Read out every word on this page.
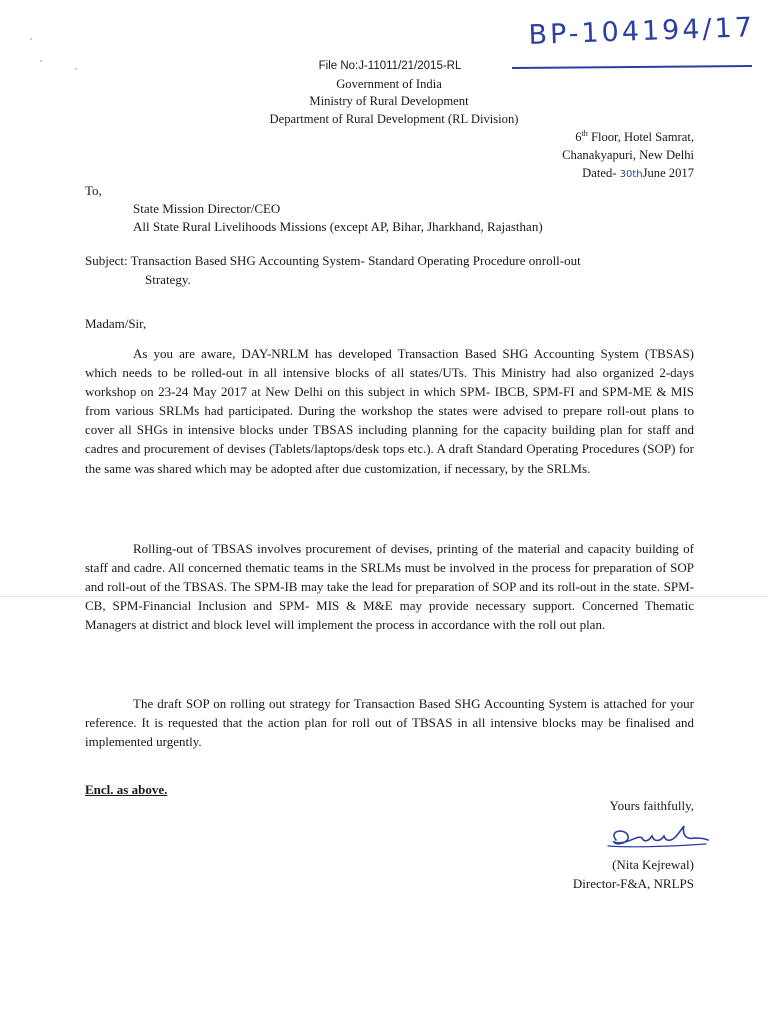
BP-104194/17
File No:J-11011/21/2015-RL
Government of India
Ministry of Rural Development
Department of Rural Development (RL Division)
6th Floor, Hotel Samrat,
Chanakyapuri, New Delhi
Dated- 30thJune 2017
To,
State Mission Director/CEO
All State Rural Livelihoods Missions (except AP, Bihar, Jharkhand, Rajasthan)
Subject: Transaction Based SHG Accounting System- Standard Operating Procedure onroll-out
Strategy.
Madam/Sir,

As you are aware, DAY-NRLM has developed Transaction Based SHG Accounting System (TBSAS) which needs to be rolled-out in all intensive blocks of all states/UTs. This Ministry had also organized 2-days workshop on 23-24 May 2017 at New Delhi on this subject in which SPM- IBCB, SPM-FI and SPM-ME & MIS from various SRLMs had participated. During the workshop the states were advised to prepare roll-out plans to cover all SHGs in intensive blocks under TBSAS including planning for the capacity building plan for staff and cadres and procurement of devises (Tablets/laptops/desk tops etc.). A draft Standard Operating Procedures (SOP) for the same was shared which may be adopted after due customization, if necessary, by the SRLMs.

Rolling-out of TBSAS involves procurement of devises, printing of the material and capacity building of staff and cadre. All concerned thematic teams in the SRLMs must be involved in the process for preparation of SOP and roll-out of the TBSAS. The SPM-IB may take the lead for preparation of SOP and its roll-out in the state. SPM-CB, SPM-Financial Inclusion and SPM- MIS & M&E may provide necessary support. Concerned Thematic Managers at district and block level will implement the process in accordance with the roll out plan.

The draft SOP on rolling out strategy for Transaction Based SHG Accounting System is attached for your reference. It is requested that the action plan for roll out of TBSAS in all intensive blocks may be finalised and implemented urgently.

Encl. as above.
Yours faithfully,
(Nita Kejrewal)
Director-F&A, NRLPS
